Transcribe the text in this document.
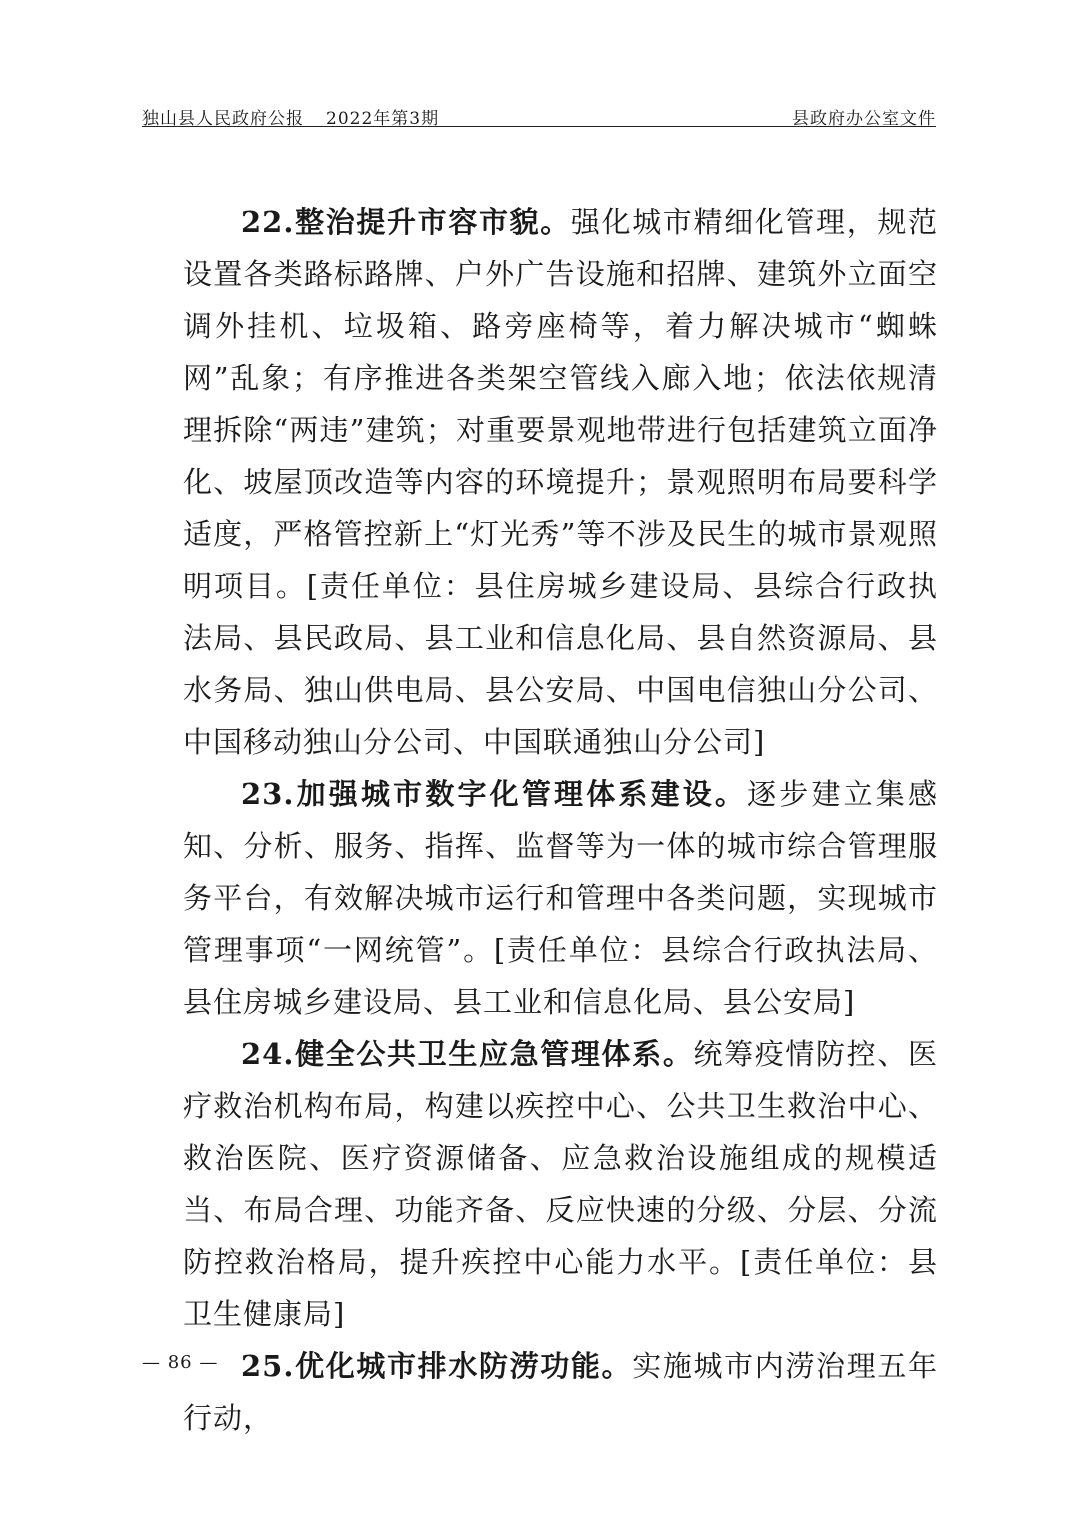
独山县人民政府公报 2022年第3期	县政府办公室文件

22.整治提升市容市貌。强化城市精细化管理，规范设置各类路标路牌、户外广告设施和招牌、建筑外立面空调外挂机、垃圾箱、路旁座椅等，着力解决城市“蜘蛛网”乱象；有序推进各类架空管线入廊入地；依法依规清理拆除“两违”建筑；对重要景观地带进行包括建筑立面净化、坡屋顶改造等内容的环境提升；景观照明布局要科学适度，严格管控新上“灯光秀”等不涉及民生的城市景观照明项目。[责任单位：县住房城乡建设局、县综合行政执法局、县民政局、县工业和信息化局、县自然资源局、县水务局、独山供电局、县公安局、中国电信独山分公司、中国移动独山分公司、中国联通独山分公司]

23.加强城市数字化管理体系建设。逐步建立集感知、分析、服务、指挥、监督等为一体的城市综合管理服务平台，有效解决城市运行和管理中各类问题，实现城市管理事项“一网统管”。[责任单位：县综合行政执法局、县住房城乡建设局、县工业和信息化局、县公安局]

24.健全公共卫生应急管理体系。统筹疫情防控、医疗救治机构布局，构建以疾控中心、公共卫生救治中心、救治医院、医疗资源储备、应急救治设施组成的规模适当、布局合理、功能齐备、反应快速的分级、分层、分流防控救治格局，提升疾控中心能力水平。[责任单位：县卫生健康局]

25.优化城市排水防涝功能。实施城市内涝治理五年行动，

— 86 —
